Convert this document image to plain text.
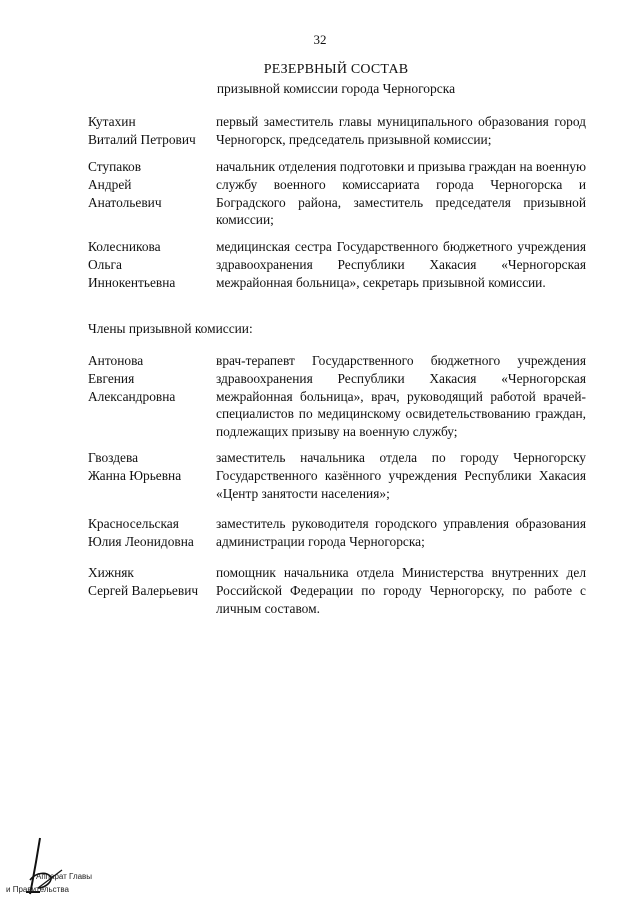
32
РЕЗЕРВНЫЙ СОСТАВ
призывной комиссии города Черногорска
Кутахин
Виталий Петрович
первый заместитель главы муниципального образования город Черногорск, председатель призывной комиссии;
Ступаков
Андрей
Анатольевич
начальник отделения подготовки и призыва граждан на военную службу военного комиссариата города Черногорска и Боградского района, заместитель председателя призывной комиссии;
Колесникова
Ольга
Иннокентьевна
медицинская сестра Государственного бюджетного учреждения здравоохранения Республики Хакасия «Черногорская межрайонная больница», секретарь призывной комиссии.
Члены призывной комиссии:
Антонова
Евгения
Александровна
врач-терапевт Государственного бюджетного учреждения здравоохранения Республики Хакасия «Черногорская межрайонная больница», врач, руководящий работой врачей-специалистов по медицинскому освидетельствованию граждан, подлежащих призыву на военную службу;
Гвоздева
Жанна Юрьевна
заместитель начальника отдела по городу Черногорску Государственного казённого учреждения Республики Хакасия «Центр занятости населения»;
Красносельская
Юлия Леонидовна
заместитель руководителя городского управления образования администрации города Черногорска;
Хижняк
Сергей Валерьевич
помощник начальника отдела Министерства внутренних дел Российской Федерации по городу Черногорску, по работе с личным составом.
Аппарат Главы
и Правительства
